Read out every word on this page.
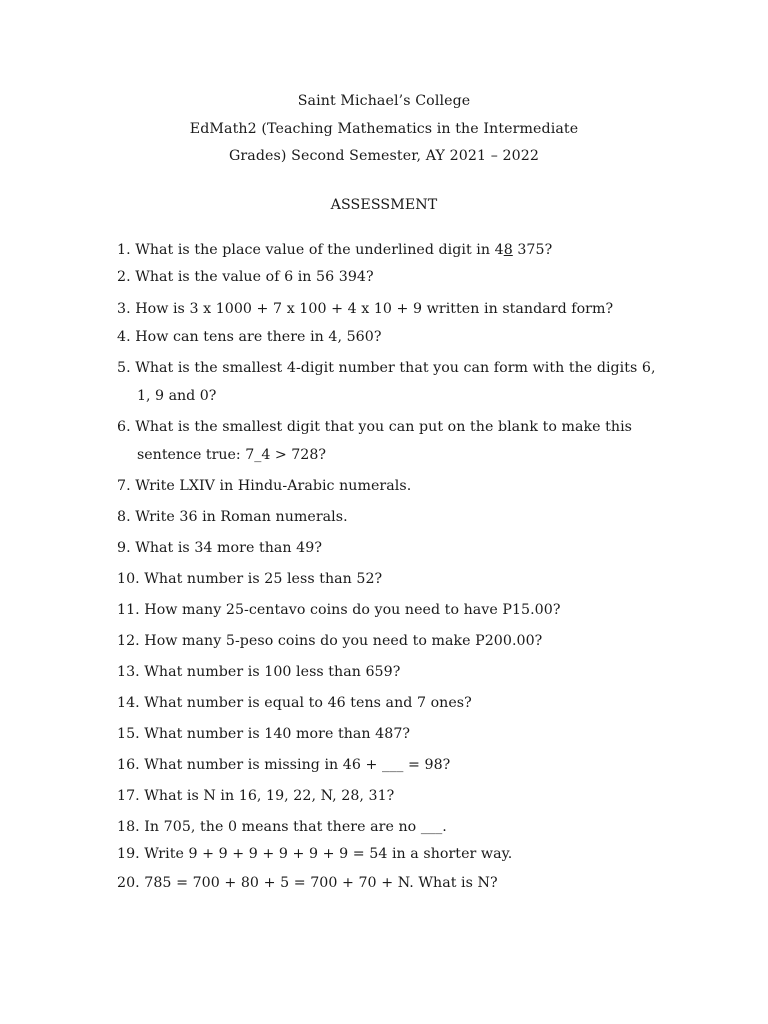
Saint Michael’s College
EdMath2 (Teaching Mathematics in the Intermediate
Grades) Second Semester, AY 2021 – 2022
ASSESSMENT
1. What is the place value of the underlined digit in 48 375?
2. What is the value of 6 in 56 394?
3. How is 3 x 1000 + 7 x 100 + 4 x 10 + 9 written in standard form?
4. How can tens are there in 4, 560?
5. What is the smallest 4-digit number that you can form with the digits 6,
1, 9 and 0?
6. What is the smallest digit that you can put on the blank to make this
sentence true: 7_4 > 728?
7. Write LXIV in Hindu-Arabic numerals.
8. Write 36 in Roman numerals.
9. What is 34 more than 49?
10. What number is 25 less than 52?
11. How many 25-centavo coins do you need to have P15.00?
12. How many 5-peso coins do you need to make P200.00?
13. What number is 100 less than 659?
14. What number is equal to 46 tens and 7 ones?
15. What number is 140 more than 487?
16. What number is missing in 46 + ___ = 98?
17. What is N in 16, 19, 22, N, 28, 31?
18. In 705, the 0 means that there are no ___.
19. Write 9 + 9 + 9 + 9 + 9 + 9 = 54 in a shorter way.
20. 785 = 700 + 80 + 5 = 700 + 70 + N. What is N?
